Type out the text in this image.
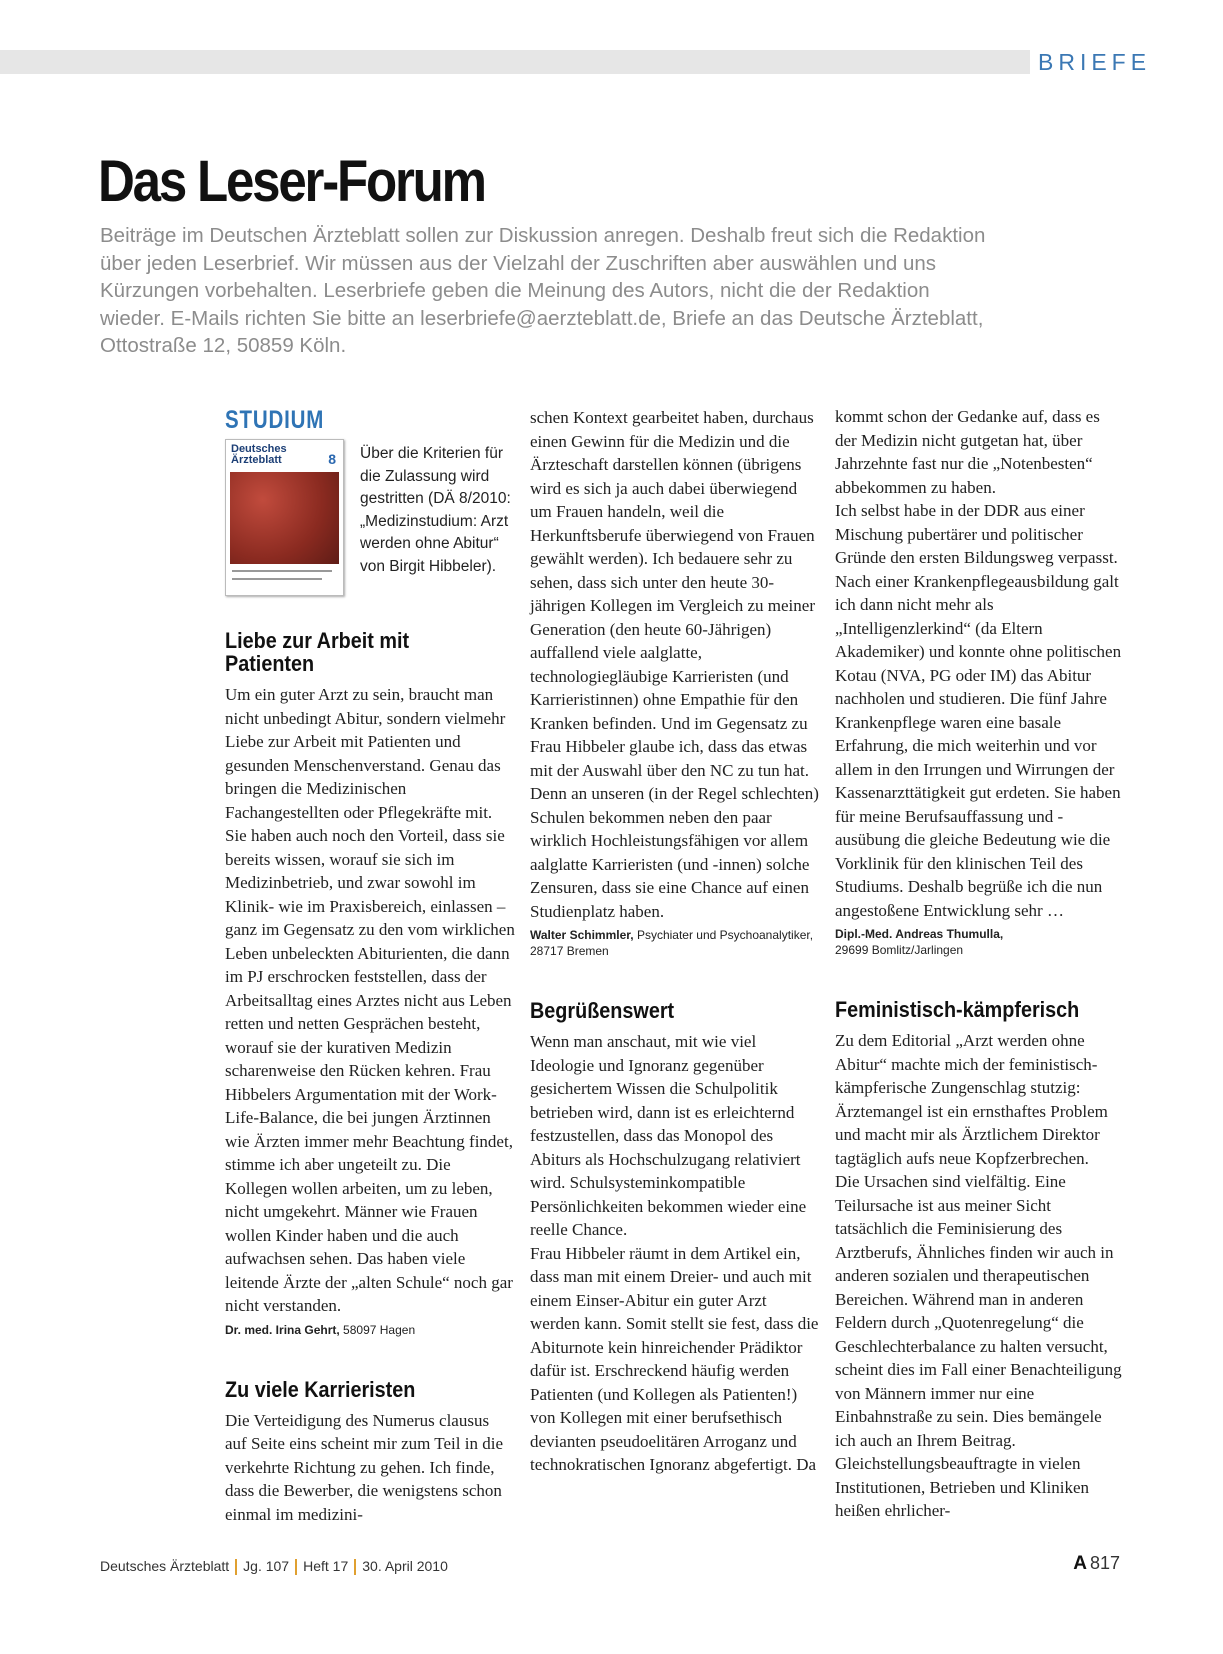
BRIEFE
Das Leser-Forum

Beiträge im Deutschen Ärzteblatt sollen zur Diskussion anregen. Deshalb freut sich die Redaktion über jeden Leserbrief. Wir müssen aus der Vielzahl der Zuschriften aber auswählen und uns Kürzungen vorbehalten. Leserbriefe geben die Meinung des Autors, nicht die der Redaktion wieder. E-Mails richten Sie bitte an leserbriefe@aerzteblatt.de, Briefe an das Deutsche Ärzteblatt, Ottostraße 12, 50859 Köln.

STUDIUM

Deutsches Ärzteblatt	8 Über die Kriterien für die Zulassung wird gestritten (DÄ 8/2010: „Medizinstudium: Arzt werden ohne Abitur“ von Birgit Hibbeler).

Liebe zur Arbeit mit Patienten

Um ein guter Arzt zu sein, braucht man nicht unbedingt Abitur, sondern vielmehr Liebe zur Arbeit mit Patienten und gesunden Menschenverstand. Genau das bringen die Medizinischen Fachangestellten oder Pflegekräfte mit. Sie haben auch noch den Vorteil, dass sie bereits wissen, worauf sie sich im Medizinbetrieb, und zwar sowohl im Klinik- wie im Praxisbereich, einlassen – ganz im Gegensatz zu den vom wirklichen Leben unbeleckten Abiturienten, die dann im PJ erschrocken feststellen, dass der Arbeitsalltag eines Arztes nicht aus Leben retten und netten Gesprächen besteht, worauf sie der kurativen Medizin scharenweise den Rücken kehren. Frau Hibbelers Argumentation mit der Work-Life-Balance, die bei jungen Ärztinnen wie Ärzten immer mehr Beachtung findet, stimme ich aber ungeteilt zu. Die Kollegen wollen arbeiten, um zu leben, nicht umgekehrt. Männer wie Frauen wollen Kinder haben und die auch aufwachsen sehen. Das haben viele leitende Ärzte der „alten Schule“ noch gar nicht verstanden.

Dr. med. Irina Gehrt, 58097 Hagen

Zu viele Karrieristen

Die Verteidigung des Numerus clausus auf Seite eins scheint mir zum Teil in die verkehrte Richtung zu gehen. Ich finde, dass die Bewerber, die wenigstens schon einmal im medizini-

schen Kontext gearbeitet haben, durchaus einen Gewinn für die Medizin und die Ärzteschaft darstellen können (übrigens wird es sich ja auch dabei überwiegend um Frauen handeln, weil die Herkunftsberufe überwiegend von Frauen gewählt werden). Ich bedauere sehr zu sehen, dass sich unter den heute 30-jährigen Kollegen im Vergleich zu meiner Generation (den heute 60-Jährigen) auffallend viele aalglatte, technologiegläubige Karrieristen (und Karrieristinnen) ohne Empathie für den Kranken befinden. Und im Gegensatz zu Frau Hibbeler glaube ich, dass das etwas mit der Auswahl über den NC zu tun hat. Denn an unseren (in der Regel schlechten) Schulen bekommen neben den paar wirklich Hochleistungsfähigen vor allem aalglatte Karrieristen (und -innen) solche Zensuren, dass sie eine Chance auf einen Studienplatz haben.

Walter Schimmler, Psychiater und Psychoanalytiker, 28717 Bremen

Begrüßenswert

Wenn man anschaut, mit wie viel Ideologie und Ignoranz gegenüber gesichertem Wissen die Schulpolitik betrieben wird, dann ist es erleichternd festzustellen, dass das Monopol des Abiturs als Hochschulzugang relativiert wird. Schulsysteminkompatible Persönlichkeiten bekommen wieder eine reelle Chance.

Frau Hibbeler räumt in dem Artikel ein, dass man mit einem Dreier- und auch mit einem Einser-Abitur ein guter Arzt werden kann. Somit stellt sie fest, dass die Abiturnote kein hinreichender Prädiktor dafür ist. Erschreckend häufig werden Patienten (und Kollegen als Patienten!) von Kollegen mit einer berufsethisch devianten pseudoelitären Arroganz und technokratischen Ignoranz abgefertigt. Da

kommt schon der Gedanke auf, dass es der Medizin nicht gutgetan hat, über Jahrzehnte fast nur die „Notenbesten“ abbekommen zu haben.

Ich selbst habe in der DDR aus einer Mischung pubertärer und politischer Gründe den ersten Bildungsweg verpasst. Nach einer Krankenpflegeausbildung galt ich dann nicht mehr als „Intelligenzlerkind“ (da Eltern Akademiker) und konnte ohne politischen Kotau (NVA, PG oder IM) das Abitur nachholen und studieren. Die fünf Jahre Krankenpflege waren eine basale Erfahrung, die mich weiterhin und vor allem in den Irrungen und Wirrungen der Kassenarzttätigkeit gut erdeten. Sie haben für meine Berufsauffassung und -ausübung die gleiche Bedeutung wie die Vorklinik für den klinischen Teil des Studiums. Deshalb begrüße ich die nun angestoßene Entwicklung sehr …

Dipl.-Med. Andreas Thumulla,
29699 Bomlitz/Jarlingen

Feministisch-kämpferisch

Zu dem Editorial „Arzt werden ohne Abitur“ machte mich der feministisch-kämpferische Zungenschlag stutzig: Ärztemangel ist ein ernsthaftes Problem und macht mir als Ärztlichem Direktor tagtäglich aufs neue Kopfzerbrechen.

Die Ursachen sind vielfältig. Eine Teilursache ist aus meiner Sicht tatsächlich die Feminisierung des Arztberufs, Ähnliches finden wir auch in anderen sozialen und therapeutischen Bereichen. Während man in anderen Feldern durch „Quotenregelung“ die Geschlechterbalance zu halten versucht, scheint dies im Fall einer Benachteiligung von Männern immer nur eine Einbahnstraße zu sein. Dies bemängele ich auch an Ihrem Beitrag. Gleichstellungsbeauftragte in vielen Institutionen, Betrieben und Kliniken heißen ehrlicher-

Deutsches Ärzteblatt Jg. 107 Heft 17 30. April 2010	A 817
